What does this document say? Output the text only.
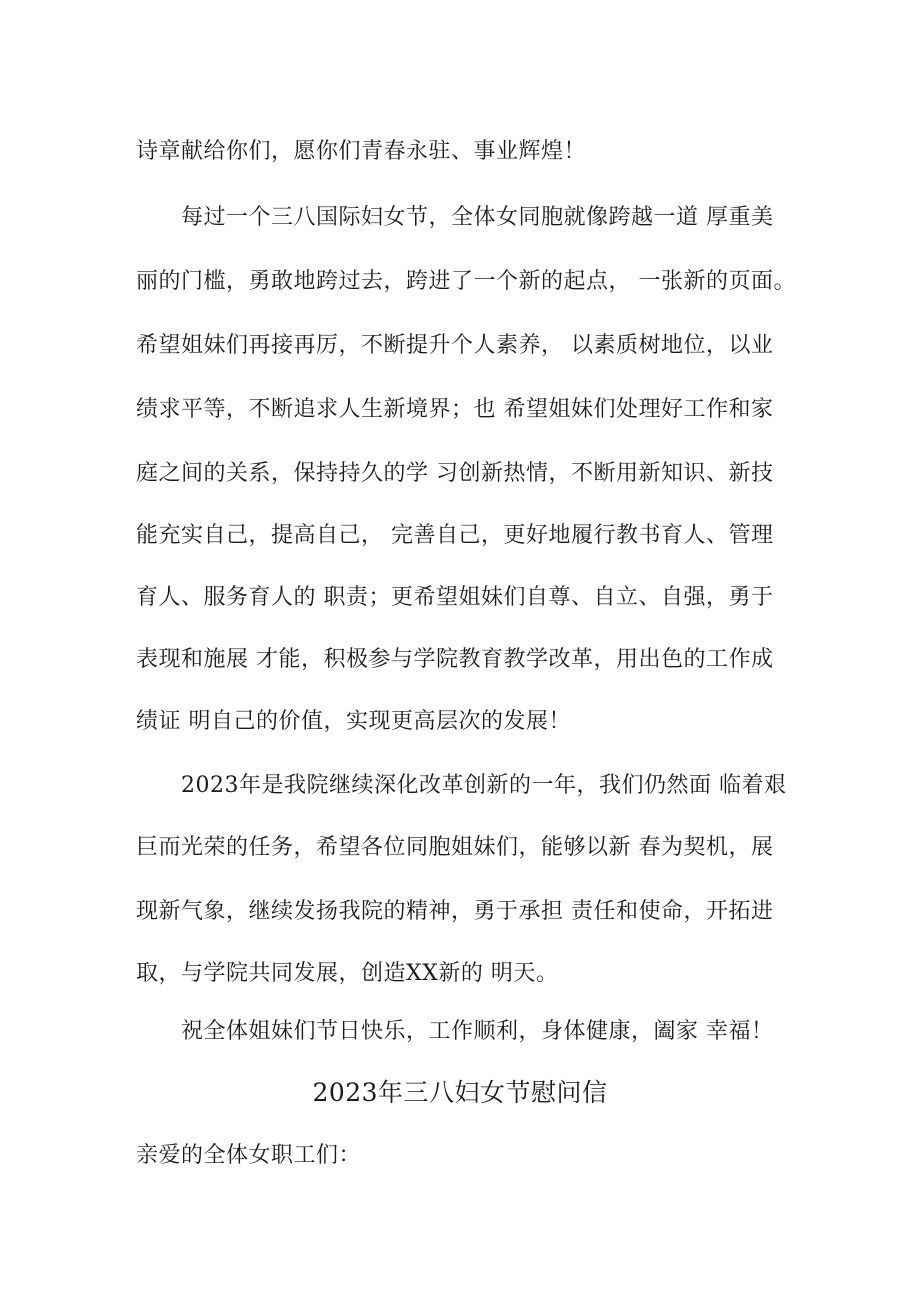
诗章献给你们，愿你们青春永驻、事业辉煌！
　　每过一个三八国际妇女节，全体女同胞就像跨越一道 厚重美
丽的门槛，勇敢地跨过去，跨进了一个新的起点， 一张新的页面。
希望姐妹们再接再厉，不断提升个人素养， 以素质树地位，以业
绩求平等，不断追求人生新境界；也 希望姐妹们处理好工作和家
庭之间的关系，保持持久的学 习创新热情，不断用新知识、新技
能充实自己，提高自己， 完善自己，更好地履行教书育人、管理
育人、服务育人的 职责；更希望姐妹们自尊、自立、自强，勇于
表现和施展 才能，积极参与学院教育教学改革，用出色的工作成
绩证 明自己的价值，实现更高层次的发展！
　　2023年是我院继续深化改革创新的一年，我们仍然面 临着艰
巨而光荣的任务，希望各位同胞姐妹们，能够以新 春为契机，展
现新气象，继续发扬我院的精神，勇于承担 责任和使命，开拓进
取，与学院共同发展，创造XX新的 明天。
　　祝全体姐妹们节日快乐，工作顺利，身体健康，阖家 幸福！
2023年三八妇女节慰问信
亲爱的全体女职工们：
